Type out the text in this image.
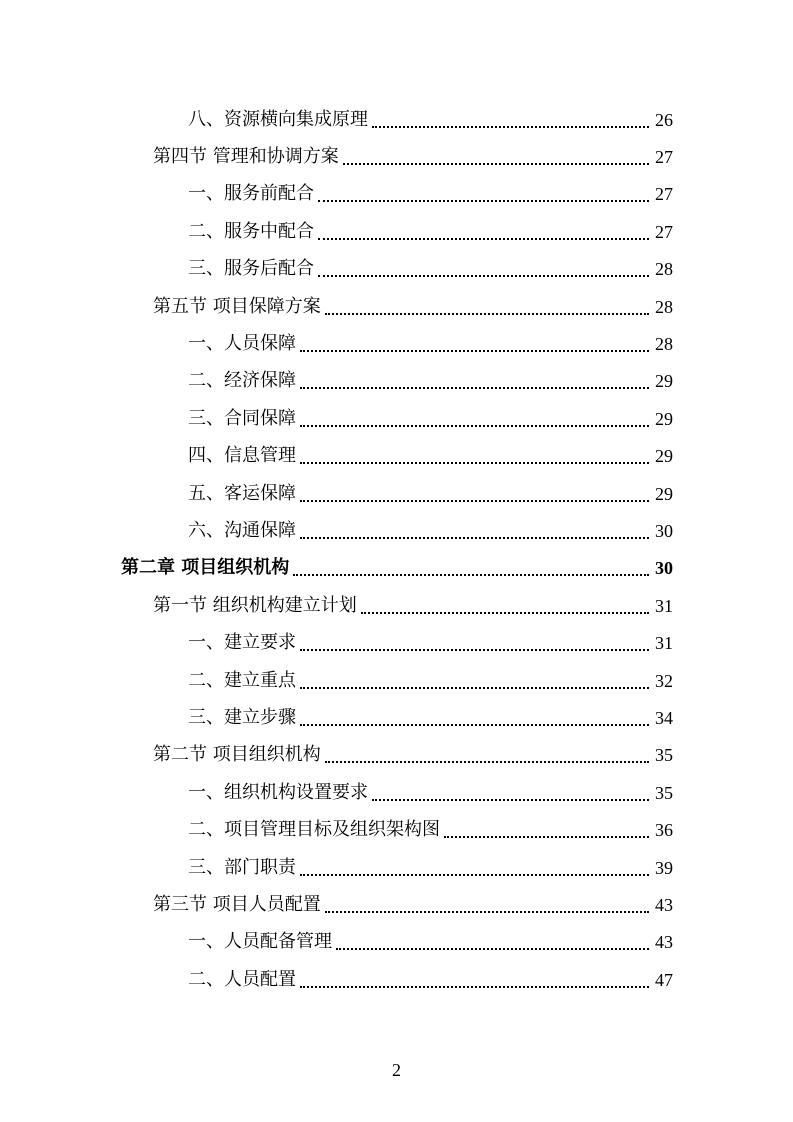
八、资源横向集成原理	26
第四节 管理和协调方案	27
一、服务前配合	27
二、服务中配合	27
三、服务后配合	28
第五节 项目保障方案	28
一、人员保障	28
二、经济保障	29
三、合同保障	29
四、信息管理	29
五、客运保障	29
六、沟通保障	30
第二章 项目组织机构	30
第一节 组织机构建立计划	31
一、建立要求	31
二、建立重点	32
三、建立步骤	34
第二节 项目组织机构	35
一、组织机构设置要求	35
二、项目管理目标及组织架构图	36
三、部门职责	39
第三节 项目人员配置	43
一、人员配备管理	43
二、人员配置	47
2
